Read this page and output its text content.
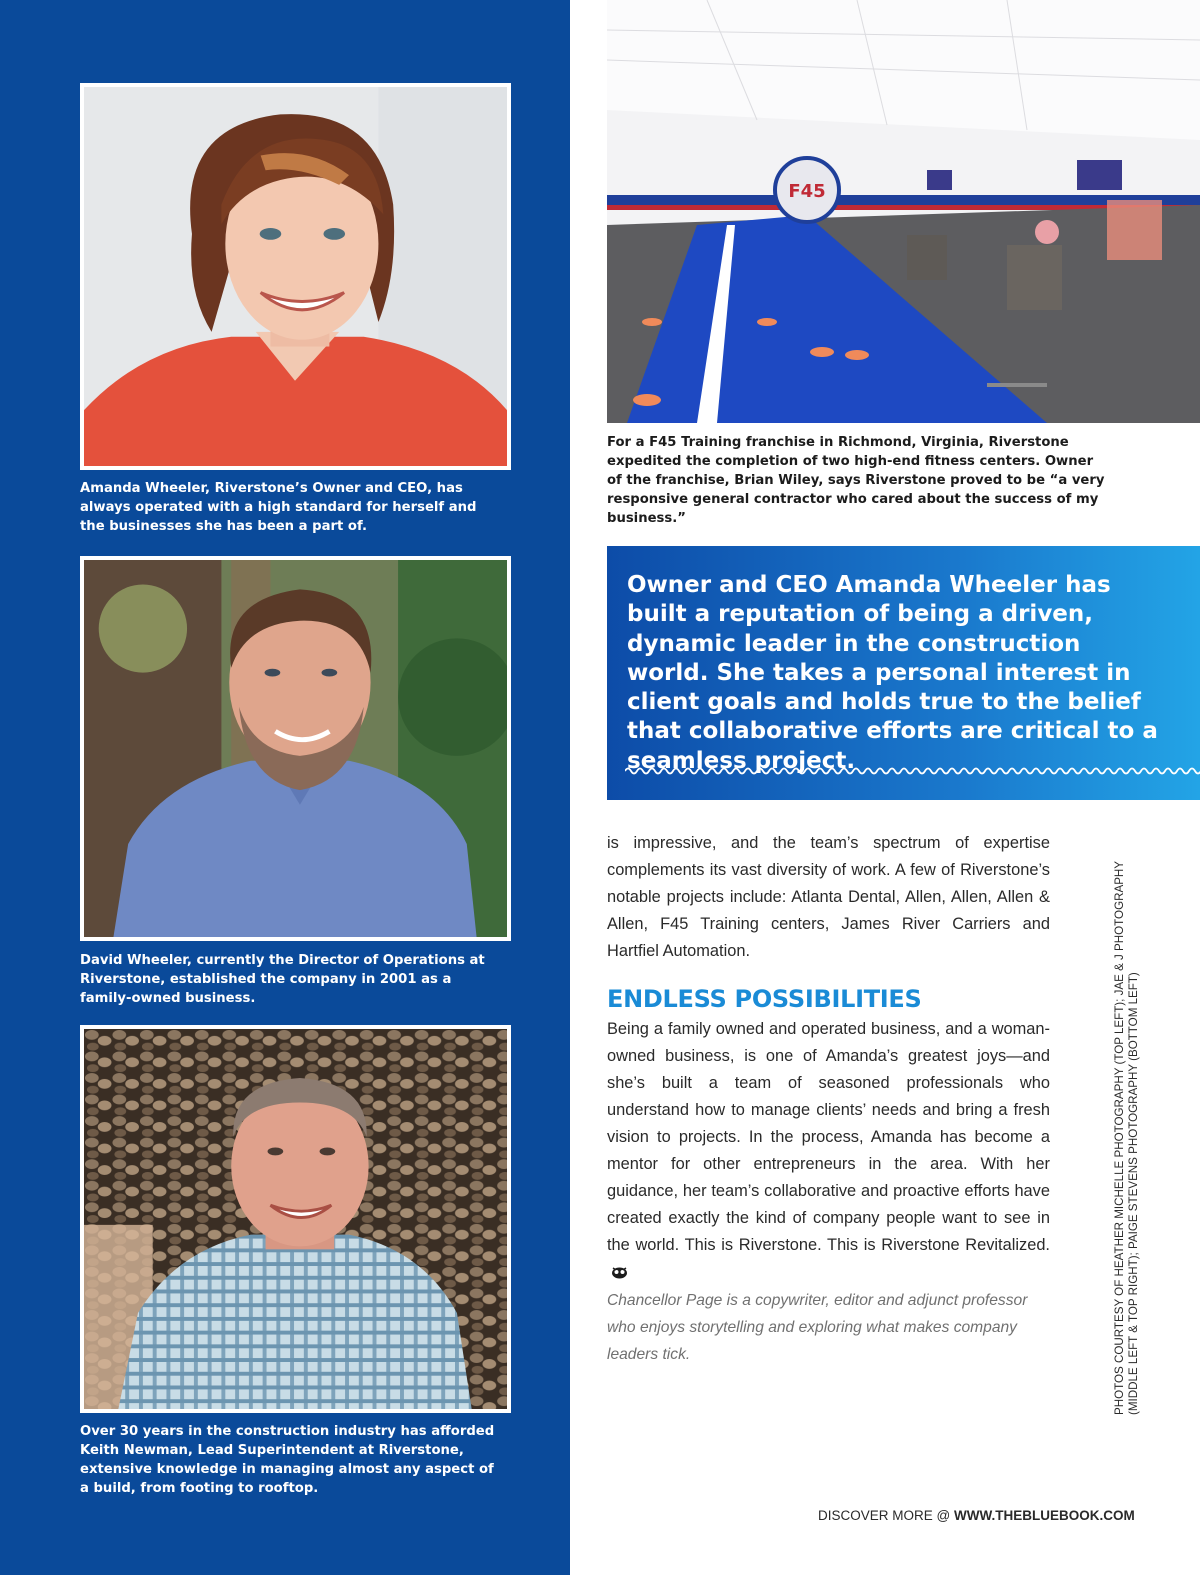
Amanda Wheeler, Riverstone’s Owner and CEO, has always operated with a high standard for herself and the businesses she has been a part of.

David Wheeler, currently the Director of Operations at Riverstone, established the company in 2001 as a family-owned business.

Over 30 years in the construction industry has afforded Keith Newman, Lead Superintendent at Riverstone, extensive knowledge in managing almost any aspect of a build, from footing to rooftop.

F45

For a F45 Training franchise in Richmond, Virginia, Riverstone expedited the completion of two high-end fitness centers. Owner of the franchise, Brian Wiley, says Riverstone proved to be “a very responsive general contractor who cared about the success of my business.”

Owner and CEO Amanda Wheeler has built a reputation of being a driven, dynamic leader in the construction world. She takes a personal interest in client goals and holds true to the belief that collaborative efforts are critical to a seamless project.

is impressive, and the team’s spectrum of expertise complements its vast diversity of work. A few of Riverstone’s notable projects include: Atlanta Dental, Allen, Allen, Allen & Allen, F45 Training centers, James River Carriers and Hartfiel Automation.

ENDLESS POSSIBILITIES

Being a family owned and operated business, and a woman-owned business, is one of Amanda’s greatest joys—and she’s built a team of seasoned professionals who understand how to manage clients’ needs and bring a fresh vision to projects. In the process, Amanda has become a mentor for other entrepreneurs in the area. With her guidance, her team’s collaborative and proactive efforts have created exactly the kind of company people want to see in the world. This is Riverstone. This is Riverstone Revitalized.

Chancellor Page is a copywriter, editor and adjunct professor who enjoys storytelling and exploring what makes company leaders tick.	PHOTOS COURTESY OF HEATHER MICHELLE PHOTOGRAPHY (TOP LEFT); JAE & J PHOTOGRAPHY (MIDDLE LEFT & TOP RIGHT); PAIGE STEVENS PHOTOGRAPHY (BOTTOM LEFT)

DISCOVER MORE @ WWW.THEBLUEBOOK.COM
